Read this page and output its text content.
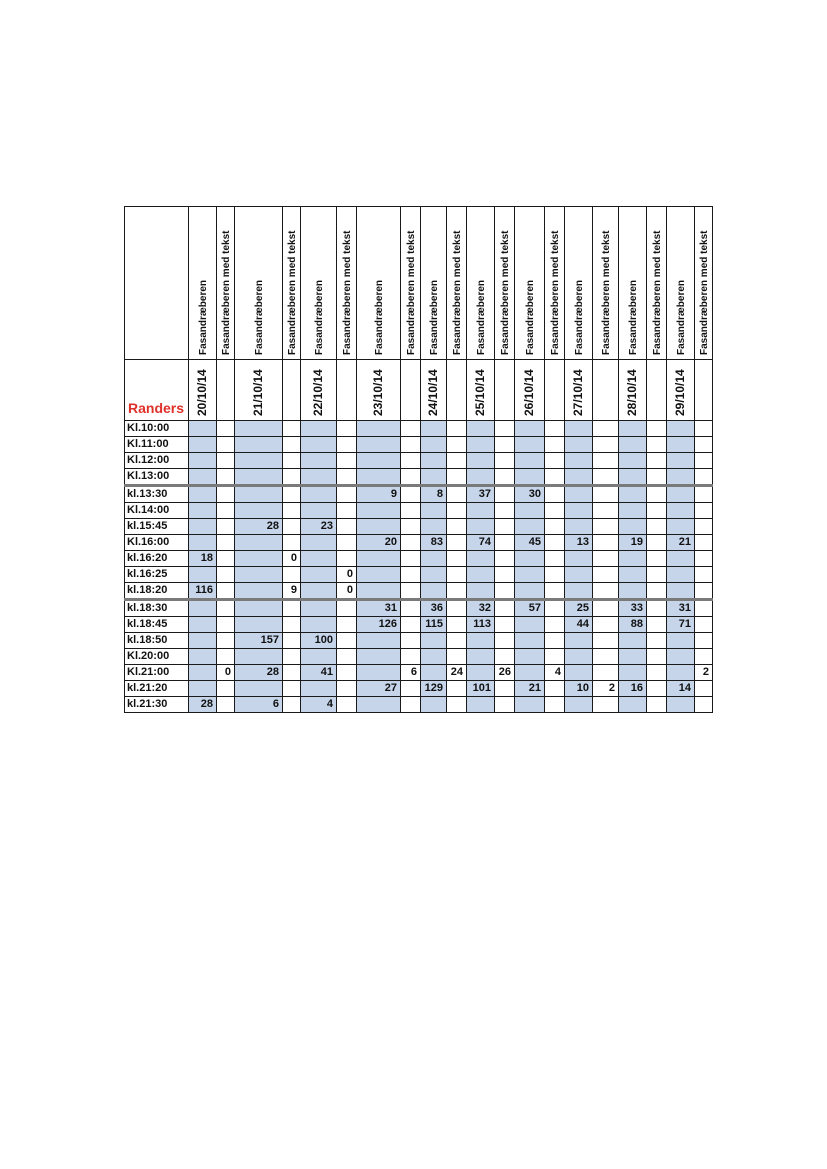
	Fasandræberen	Fasandræberen med tekst	Fasandræberen	Fasandræberen med tekst	Fasandræberen	Fasandræberen med tekst	Fasandræberen	Fasandræberen med tekst	Fasandræberen	Fasandræberen med tekst	Fasandræberen	Fasandræberen med tekst	Fasandræberen	Fasandræberen med tekst	Fasandræberen	Fasandræberen med tekst	Fasandræberen	Fasandræberen med tekst	Fasandræberen	Fasandræberen med tekst

Randers	20/10/14		21/10/14		22/10/14		23/10/14		24/10/14		25/10/14		26/10/14		27/10/14		28/10/14		29/10/14	

Kl.10:00																				
Kl.11:00																				
Kl.12:00																				
Kl.13:00																				
kl.13:30							9		8		37		30							
Kl.14:00																				
kl.15:45			28		23															
Kl.16:00							20		83		74		45		13		19		21	
kl.16:20	18			0																
kl.16:25						0														
kl.18:20	116			9		0														
kl.18:30							31		36		32		57		25		33		31	
kl.18:45							126		115		113				44		88		71	
kl.18:50			157		100															
Kl.20:00																				
Kl.21:00		0	28		41			6		24		26		4						2
kl.21:20							27		129		101		21		10	2	16		14	
kl.21:30	28		6		4															
